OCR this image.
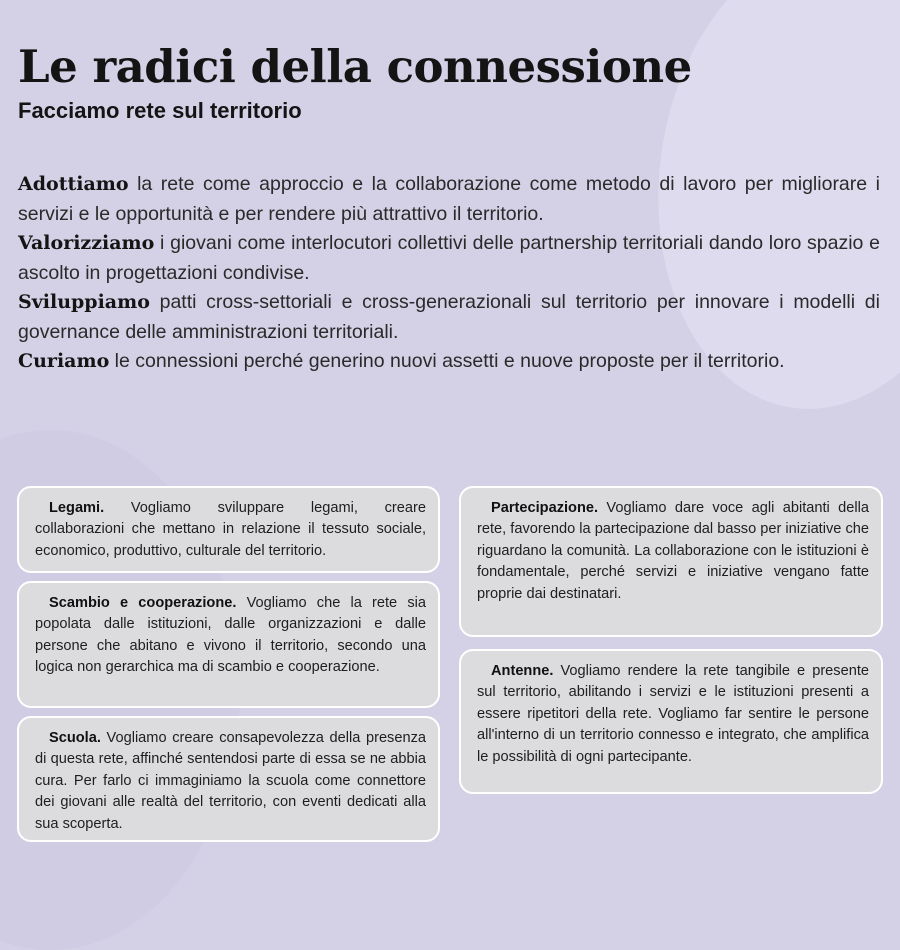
Le radici della connessione
Facciamo rete sul territorio

Adottiamo la rete come approccio e la collaborazione come metodo di lavoro per migliorare i servizi e le opportunità e per rendere più attrattivo il territorio.

Valorizziamo i giovani come interlocutori collettivi delle partnership territoriali dando loro spazio e ascolto in progettazioni condivise.

Sviluppiamo patti cross-settoriali e cross-generazionali sul territorio per innovare i modelli di governance delle amministrazioni territoriali.

Curiamo le connessioni perché generino nuovi assetti e nuove proposte per il territorio.

Legami. Vogliamo sviluppare legami, creare collaborazioni che mettano in relazione il tessuto sociale, economico, produttivo, culturale del territorio.

Scambio e cooperazione. Vogliamo che la rete sia popolata dalle istituzioni, dalle organizzazioni e dalle persone che abitano e vivono il territorio, secondo una logica non gerarchica ma di scambio e cooperazione.

Scuola. Vogliamo creare consapevolezza della presenza di questa rete, affinché sentendosi parte di essa se ne abbia cura. Per farlo ci immaginiamo la scuola come connettore dei giovani alle realtà del territorio, con eventi dedicati alla sua scoperta.

Partecipazione. Vogliamo dare voce agli abitanti della rete, favorendo la partecipazione dal basso per iniziative che riguardano la comunità. La collaborazione con le istituzioni è fondamentale, perché servizi e iniziative vengano fatte proprie dai destinatari.

Antenne. Vogliamo rendere la rete tangibile e presente sul territorio, abilitando i servizi e le istituzioni presenti a essere ripetitori della rete. Vogliamo far sentire le persone all'interno di un territorio connesso e integrato, che amplifica le possibilità di ogni partecipante.
